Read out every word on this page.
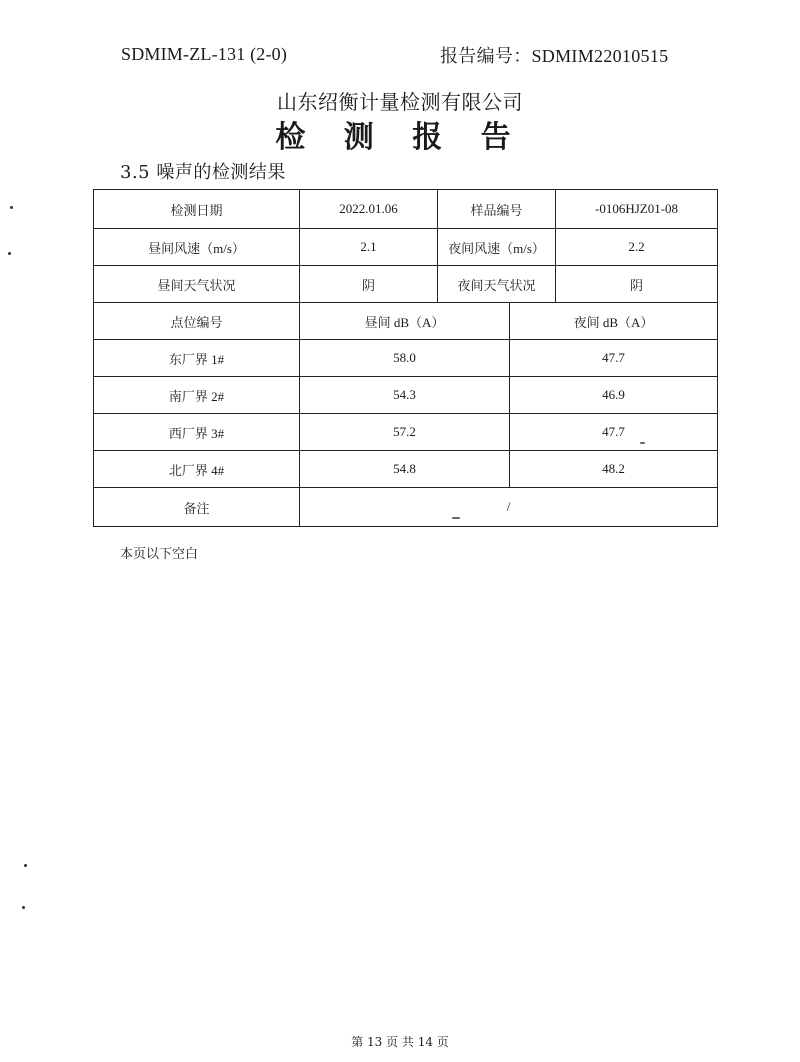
SDMIM-ZL-131 (2-0)	报告编号：SDMIM22010515
山东绍衡计量检测有限公司
检 测 报 告
3.5 噪声的检测结果
检测日期	2022.01.06	样品编号		-0106HJZ01-08
昼间风速（m/s）	2.1	夜间风速（m/s）		2.2
昼间天气状况	阴	夜间天气状况		阴
点位编号	昼间 dB（A）		夜间 dB（A）	
东厂界 1#	58.0		47.7	
南厂界 2#	54.3		46.9	
西厂界 3#	57.2		47.7	
北厂界 4#	54.8		48.2	
备注	/			
本页以下空白
第 13 页 共 14 页
